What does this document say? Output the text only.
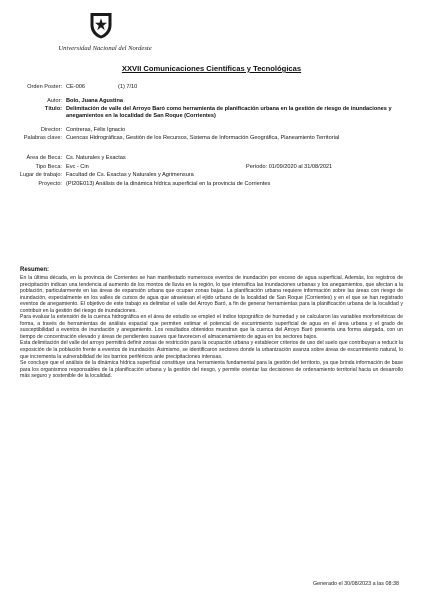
Universidad Nacional del Nordeste
XXVII Comunicaciones Científicas y Tecnológicas
Orden Poster: CE-006	(1) 7/10
Autor: Bolo, Juana Agustina
Título: Delimitación de valle del Arroyo Baró como herramienta de planificación urbana en la gestión de riesgo de inundaciones y anegamientos en la localidad de San Roque (Corrientes)
Director: Contreras, Félix Ignacio
Palabras clave: Cuencas Hidrográficas, Gestión de los Recursos, Sistema de Información Geográfica, Planeamiento Territorial
Área de Beca: Cs. Naturales y Exactas
Tipo Beca: Evc - Cin	Período: 01/09/2020 al 31/08/2021
Lugar de trabajo: Facultad de Cs. Exactas y Naturales y Agrimensura
Proyecto: (PI20E013) Análisis de la dinámica hídrica superficial en la provincia de Corrientes
Resumen:

En la última década, en la provincia de Corrientes se han manifestado numerosos eventos de inundación por exceso de agua superficial. Además, los registros de precipitación indican una tendencia al aumento de los montos de lluvia en la región, lo que intensifica las inundaciones urbanas y los anegamientos, que afectan a la población, particularmente en las áreas de expansión urbana que ocupan zonas bajas. La planificación urbana requiere información sobre las áreas con riesgo de inundación, especialmente en los valles de cursos de agua que atraviesan el ejido urbano de la localidad de San Roque (Corrientes) y en el que se han registrado eventos de anegamiento. El objetivo de este trabajo es delimitar el valle del Arroyo Baró, a fin de generar herramientas para la planificación urbana de la localidad y contribuir en la gestión del riesgo de inundaciones.

Para evaluar la extensión de la cuenca hidrográfica en el área de estudio se empleó el índice topográfico de humedad y se calcularon las variables morfométricas de forma, a través de herramientas de análisis espacial que permiten estimar el potencial de escurrimiento superficial de agua en el área urbana y el grado de susceptibilidad a eventos de inundación y anegamiento. Los resultados obtenidos muestran que la cuenca del Arroyo Baró presenta una forma alargada, con un tiempo de concentración elevado y áreas de pendientes suaves que favorecen el almacenamiento de agua en los sectores bajos.

Esta delimitación del valle del arroyo permitirá definir zonas de restricción para la ocupación urbana y establecer criterios de uso del suelo que contribuyan a reducir la exposición de la población frente a eventos de inundación. Asimismo, se identificaron sectores donde la urbanización avanza sobre áreas de escurrimiento natural, lo que incrementa la vulnerabilidad de los barrios periféricos ante precipitaciones intensas.

Se concluye que el análisis de la dinámica hídrica superficial constituye una herramienta fundamental para la gestión del territorio, ya que brinda información de base para los organismos responsables de la planificación urbana y la gestión del riesgo, y permite orientar las decisiones de ordenamiento territorial hacia un desarrollo más seguro y sostenible de la localidad.

Generado el 30/08/2023 a las 08:38
